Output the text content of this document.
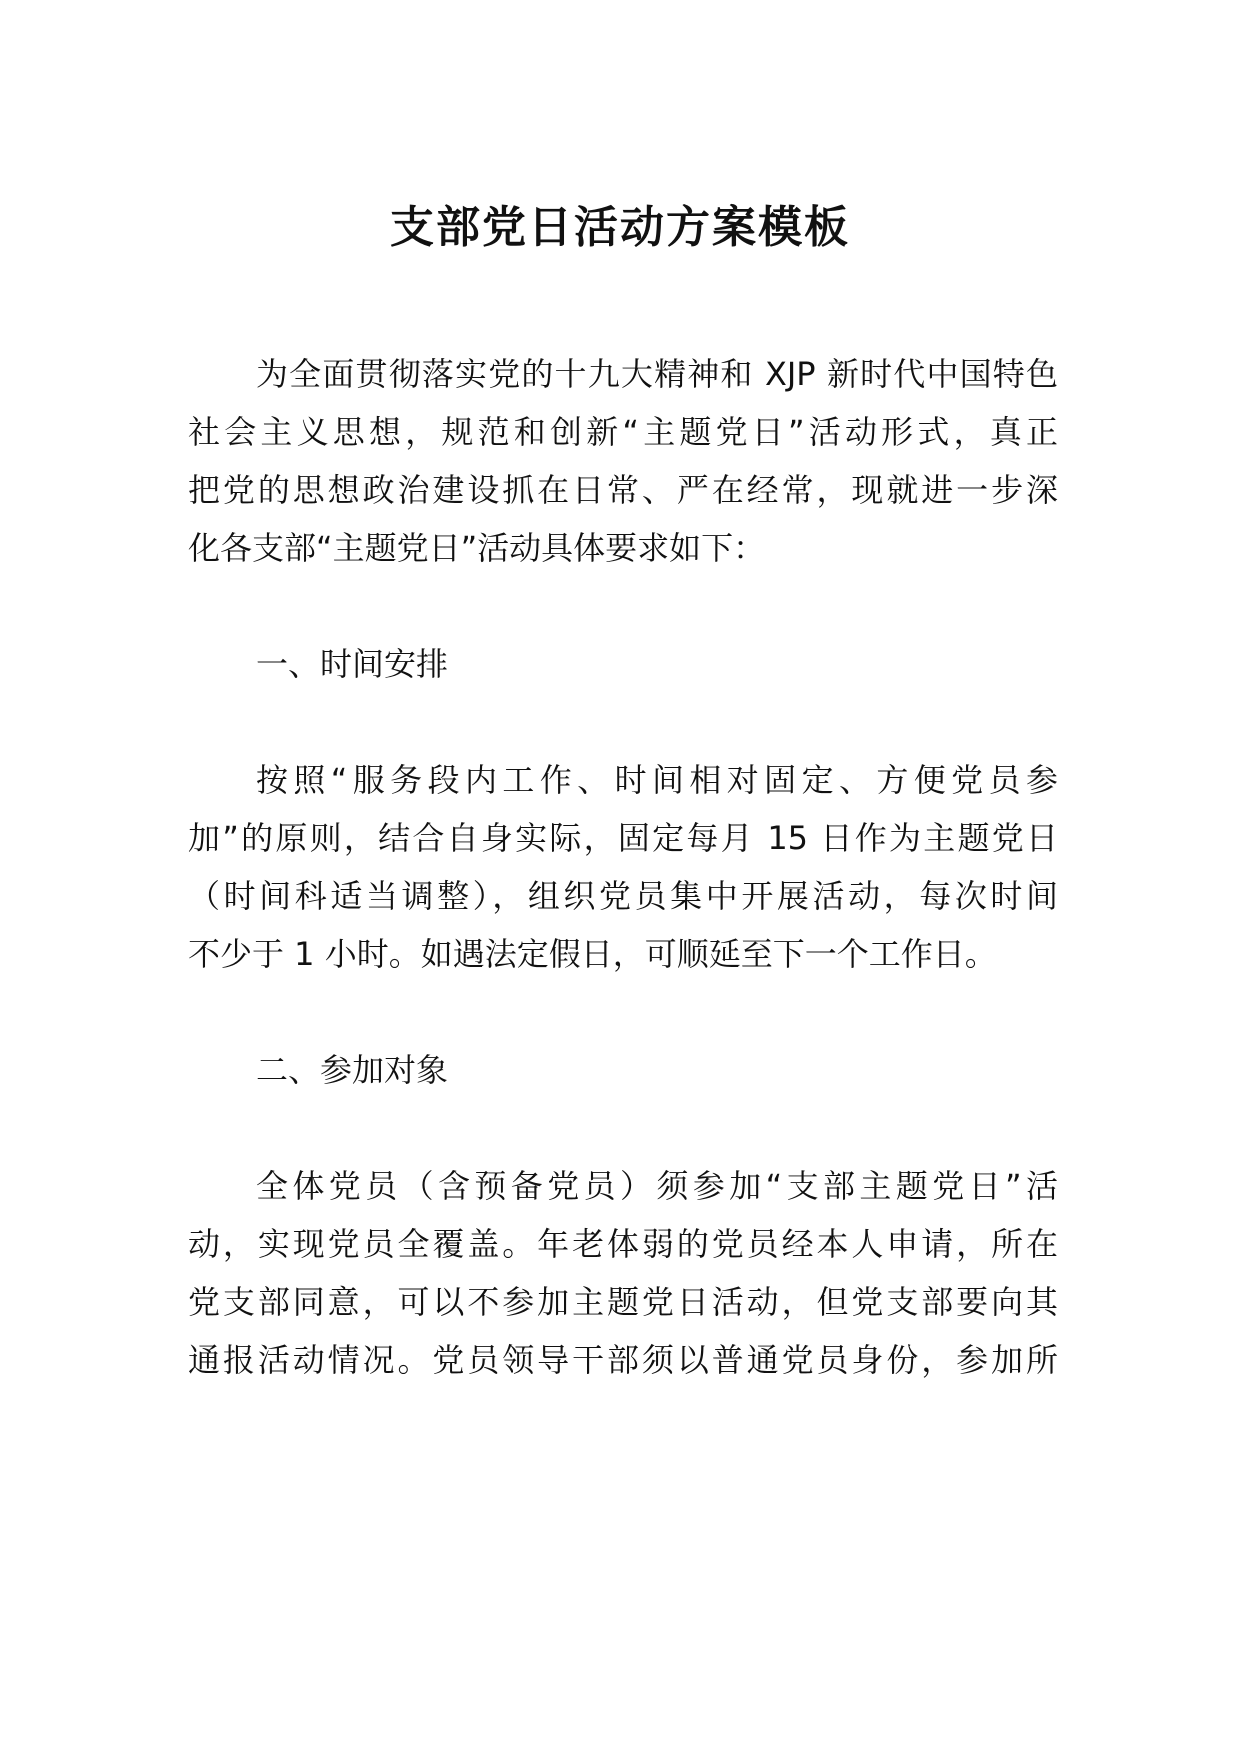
支部党日活动方案模板

为全面贯彻落实党的十九大精神和 XJP 新时代中国特色

社会主义思想，规范和创新“主题党日”活动形式，真正

把党的思想政治建设抓在日常、严在经常，现就进一步深

化各支部“主题党日”活动具体要求如下：

一、时间安排

按照“服务段内工作、时间相对固定、方便党员参

加”的原则，结合自身实际，固定每月 15 日作为主题党日

（时间科适当调整），组织党员集中开展活动，每次时间

不少于 1 小时。如遇法定假日，可顺延至下一个工作日。

二、参加对象

全体党员（含预备党员）须参加“支部主题党日”活

动，实现党员全覆盖。年老体弱的党员经本人申请，所在

党支部同意，可以不参加主题党日活动，但党支部要向其

通报活动情况。党员领导干部须以普通党员身份，参加所
